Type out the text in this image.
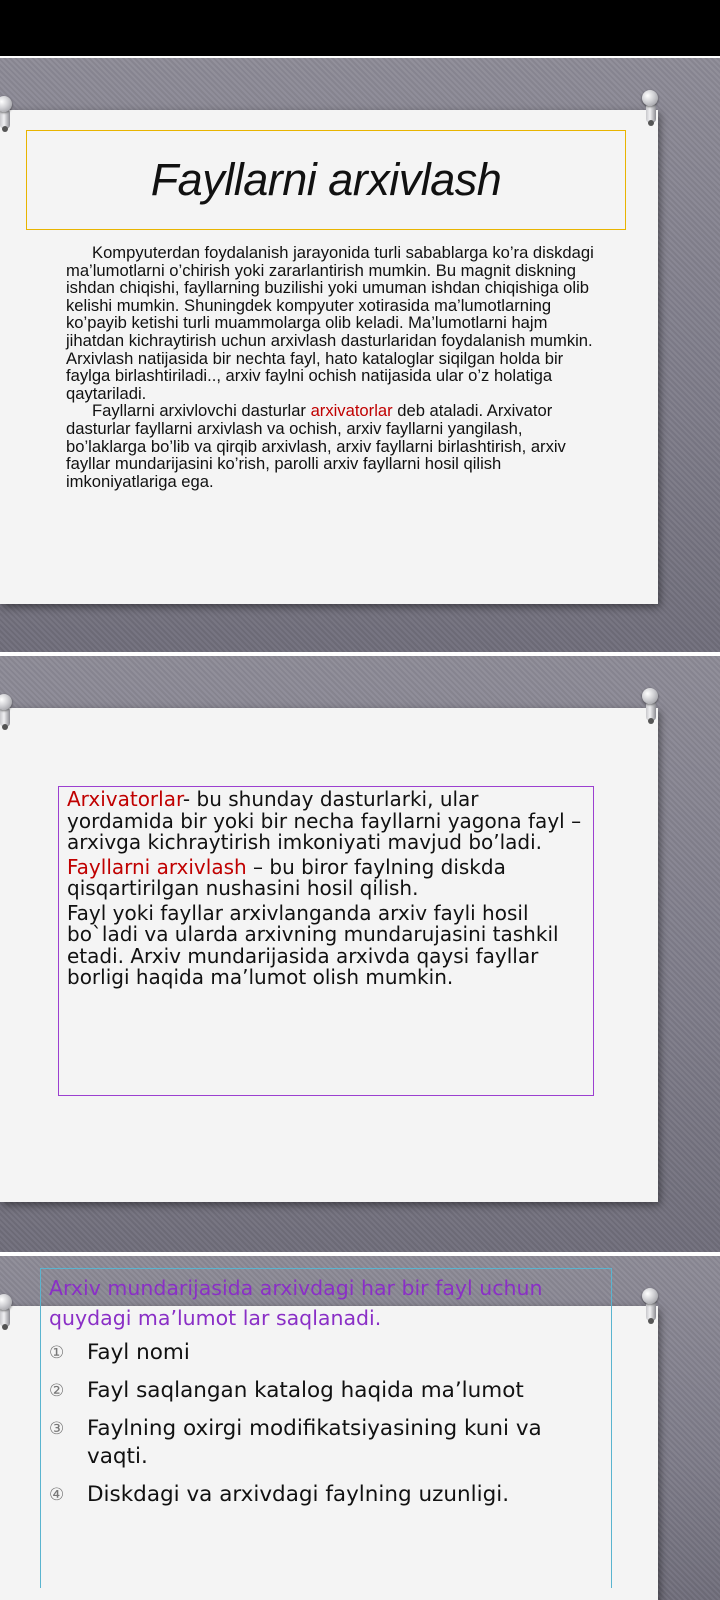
Fayllarni arxivlash

Kompyuterdan foydalanish jarayonida turli sabablarga ko’ra diskdagi ma’lumotlarni o’chirish yoki zararlantirish mumkin. Bu magnit diskning ishdan chiqishi, fayllarning buzilishi yoki umuman ishdan chiqishiga olib kelishi mumkin. Shuningdek kompyuter xotirasida ma’lumotlarning ko’payib ketishi turli muammolarga olib keladi. Ma’lumotlarni hajm jihatdan kichraytirish uchun arxivlash dasturlaridan foydalanish mumkin. Arxivlash natijasida bir nechta fayl, hato kataloglar siqilgan holda bir faylga birlashtiriladi.., arxiv faylni ochish natijasida ular o’z holatiga qaytariladi.

Fayllarni arxivlovchi dasturlar arxivatorlar deb ataladi. Arxivator dasturlar fayllarni arxivlash va ochish, arxiv fayllarni yangilash, bo’laklarga bo’lib va qirqib arxivlash, arxiv fayllarni birlashtirish, arxiv fayllar mundarijasini ko’rish, parolli arxiv fayllarni hosil qilish imkoniyatlariga ega.

Arxivatorlar- bu shunday dasturlarki, ular yordamida bir yoki bir necha fayllarni yagona fayl – arxivga kichraytirish imkoniyati mavjud bo’ladi.

Fayllarni arxivlash – bu biror faylning diskda qisqartirilgan nushasini hosil qilish.

Fayl yoki fayllar arxivlanganda arxiv fayli hosil bo`ladi va ularda arxivning mundarujasini tashkil etadi. Arxiv mundarijasida arxivda qaysi fayllar borligi haqida ma’lumot olish mumkin.

Arxiv mundarijasida arxivdagi har bir fayl uchun quydagi ma’lumot lar saqlanadi.

①	Fayl nomi
②	Fayl saqlangan katalog haqida ma’lumot
③	Faylning oxirgi modifikatsiyasining kuni va vaqti.
④	Diskdagi va arxivdagi faylning uzunligi.
